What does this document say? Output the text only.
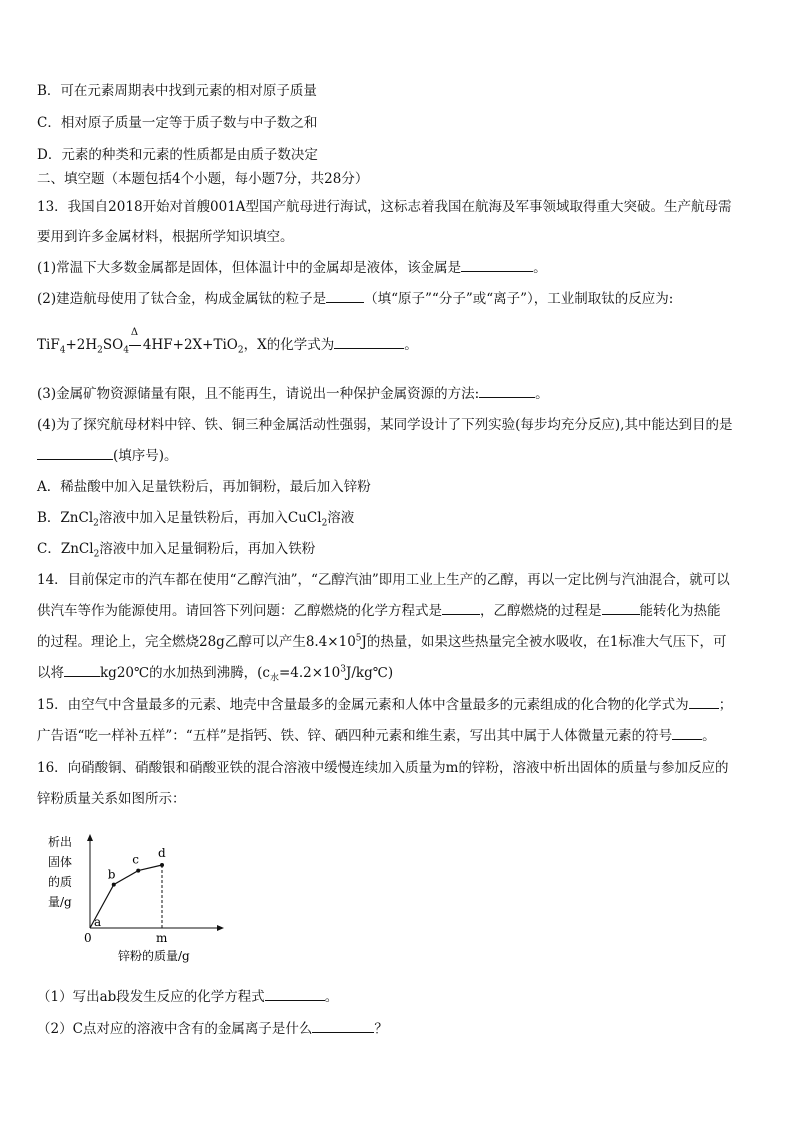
B．可在元素周期表中找到元素的相对原子质量
C．相对原子质量一定等于质子数与中子数之和
D．元素的种类和元素的性质都是由质子数决定
二、填空题（本题包括4个小题，每小题7分，共28分）
13．我国自2018开始对首艘001A型国产航母进行海试，这标志着我国在航海及军事领域取得重大突破。生产航母需
要用到许多金属材料，根据所学知识填空。
(1)常温下大多数金属都是固体，但体温计中的金属却是液体，该金属是	。
(2)建造航母使用了钛合金，构成金属钛的粒子是	（填“原子”“分子”或“离子”），工业制取钛的反应为:
$TiF_4+2H_2SO_4$
Δ
4HF+2X+TiO$_2$，X的化学式为	。
(3)金属矿物资源储量有限，且不能再生，请说出一种保护金属资源的方法:	。
(4)为了探究航母材料中锌、铁、铜三种金属活动性强弱，某同学设计了下列实验(每步均充分反应),其中能达到目的是
(填序号)。
A．稀盐酸中加入足量铁粉后，再加铜粉，最后加入锌粉
B．ZnCl$_2$溶液中加入足量铁粉后，再加入CuCl$_2$溶液
C．ZnCl$_2$溶液中加入足量铜粉后，再加入铁粉
14．目前保定市的汽车都在使用“乙醇汽油”，“乙醇汽油”即用工业上生产的乙醇，再以一定比例与汽油混合，就可以
供汽车等作为能源使用。请回答下列问题：乙醇燃烧的化学方程式是	，乙醇燃烧的过程是	能转化为热能
的过程。理论上，完全燃烧28g乙醇可以产生$8.4\times 10^5J$的热量，如果这些热量完全被水吸收，在1标准大气压下，可
以将	kg20℃的水加热到沸腾，$(c_水=4.2\times 10^3J/kg℃)$
15．由空气中含量最多的元素、地壳中含量最多的金属元素和人体中含量最多的元素组成的化合物的化学式为 ；
广告语“吃一样补五样”：“五样”是指钙、铁、锌、硒四种元素和维生素，写出其中属于人体微量元素的符号 。
16．向硝酸铜、硝酸银和硝酸亚铁的混合溶液中缓慢连续加入质量为m的锌粉，溶液中析出固体的质量与参加反应的
锌粉质量关系如图所示：
析出
固体
的质
量/g
0	m
锌粉的质量/g
a
b
c d
（1）写出ab段发生反应的化学方程式	。
（2）C点对应的溶液中含有的金属离子是什么	？
